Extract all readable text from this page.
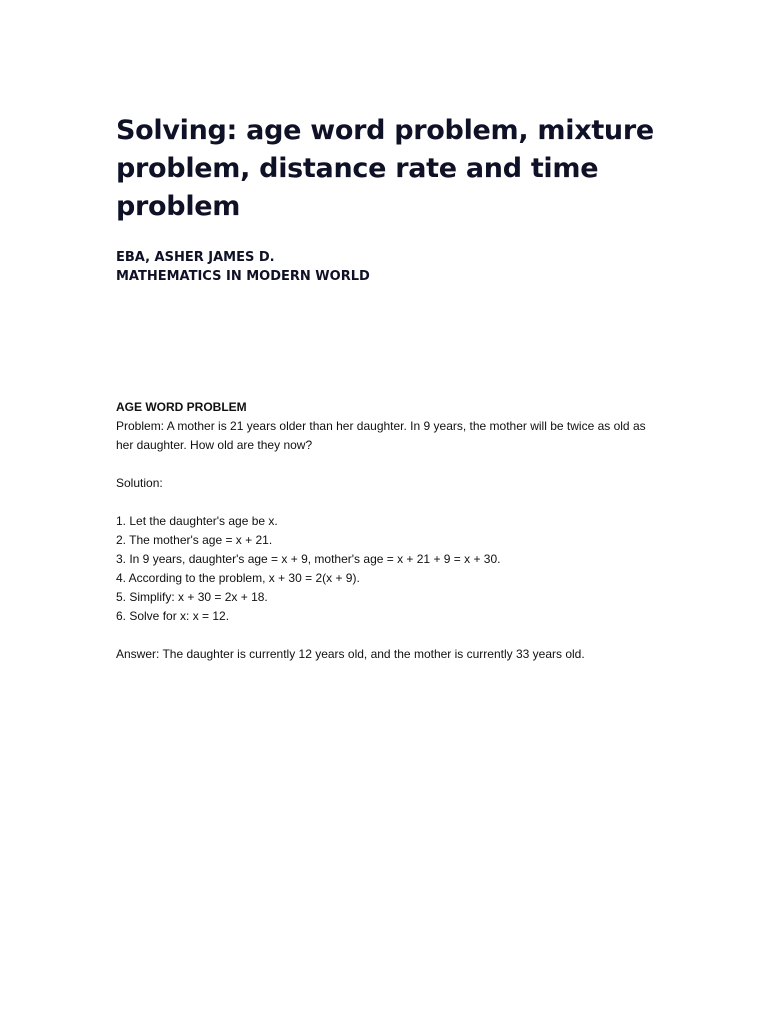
Solving: age word problem, mixture problem, distance rate and time problem
EBA, ASHER JAMES D.
MATHEMATICS IN MODERN WORLD

AGE WORD PROBLEM

Problem: A mother is 21 years older than her daughter. In 9 years, the mother will be twice as old as her daughter. How old are they now?

Solution:

1. Let the daughter's age be x.
2. The mother's age = x + 21.
3. In 9 years, daughter's age = x + 9, mother's age = x + 21 + 9 = x + 30.
4. According to the problem, x + 30 = 2(x + 9).
5. Simplify: x + 30 = 2x + 18.
6. Solve for x: x = 12.

Answer: The daughter is currently 12 years old, and the mother is currently 33 years old.
